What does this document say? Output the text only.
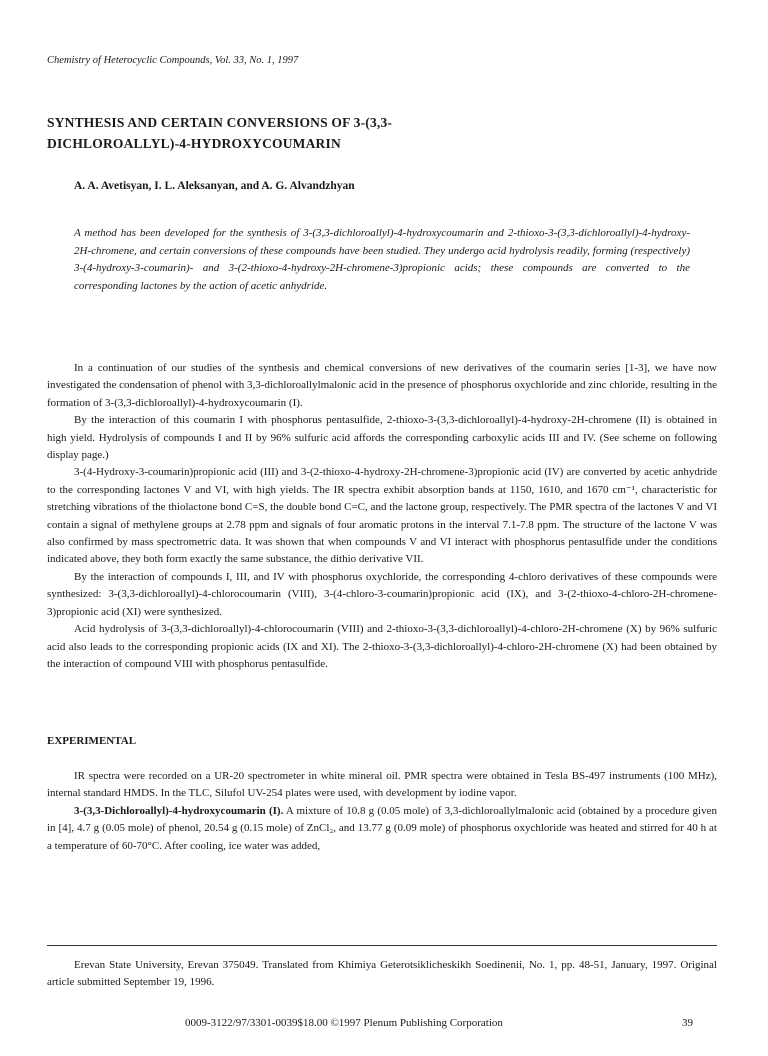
Chemistry of Heterocyclic Compounds, Vol. 33, No. 1, 1997
SYNTHESIS AND CERTAIN CONVERSIONS OF 3-(3,3-
DICHLOROALLYL)-4-HYDROXYCOUMARIN
A. A. Avetisyan, I. L. Aleksanyan, and A. G. Alvandzhyan
A method has been developed for the synthesis of 3-(3,3-dichloroallyl)-4-hydroxycoumarin and 2-thioxo-3-(3,3-dichloroallyl)-4-hydroxy-2H-chromene, and certain conversions of these compounds have been studied. They undergo acid hydrolysis readily, forming (respectively) 3-(4-hydroxy-3-coumarin)- and 3-(2-thioxo-4-hydroxy-2H-chromene-3)propionic acids; these compounds are converted to the corresponding lactones by the action of acetic anhydride.

In a continuation of our studies of the synthesis and chemical conversions of new derivatives of the coumarin series [1-3], we have now investigated the condensation of phenol with 3,3-dichloroallylmalonic acid in the presence of phosphorus oxychloride and zinc chloride, resulting in the formation of 3-(3,3-dichloroallyl)-4-hydroxycoumarin (I).

By the interaction of this coumarin I with phosphorus pentasulfide, 2-thioxo-3-(3,3-dichloroallyl)-4-hydroxy-2H-chromene (II) is obtained in high yield. Hydrolysis of compounds I and II by 96% sulfuric acid affords the corresponding carboxylic acids III and IV. (See scheme on following display page.)

3-(4-Hydroxy-3-coumarin)propionic acid (III) and 3-(2-thioxo-4-hydroxy-2H-chromene-3)propionic acid (IV) are converted by acetic anhydride to the corresponding lactones V and VI, with high yields. The IR spectra exhibit absorption bands at 1150, 1610, and 1670 cm⁻¹, characteristic for stretching vibrations of the thiolactone bond C=S, the double bond C=C, and the lactone group, respectively. The PMR spectra of the lactones V and VI contain a signal of methylene groups at 2.78 ppm and signals of four aromatic protons in the interval 7.1-7.8 ppm. The structure of the lactone V was also confirmed by mass spectrometric data. It was shown that when compounds V and VI interact with phosphorus pentasulfide under the conditions indicated above, they both form exactly the same substance, the dithio derivative VII.

By the interaction of compounds I, III, and IV with phosphorus oxychloride, the corresponding 4-chloro derivatives of these compounds were synthesized: 3-(3,3-dichloroallyl)-4-chlorocoumarin (VIII), 3-(4-chloro-3-coumarin)propionic acid (IX), and 3-(2-thioxo-4-chloro-2H-chromene-3)propionic acid (XI) were synthesized.

Acid hydrolysis of 3-(3,3-dichloroallyl)-4-chlorocoumarin (VIII) and 2-thioxo-3-(3,3-dichloroallyl)-4-chloro-2H-chromene (X) by 96% sulfuric acid also leads to the corresponding propionic acids (IX and XI). The 2-thioxo-3-(3,3-dichloroallyl)-4-chloro-2H-chromene (X) had been obtained by the interaction of compound VIII with phosphorus pentasulfide.

EXPERIMENTAL

IR spectra were recorded on a UR-20 spectrometer in white mineral oil. PMR spectra were obtained in Tesla BS-497 instruments (100 MHz), internal standard HMDS. In the TLC, Silufol UV-254 plates were used, with development by iodine vapor.

3-(3,3-Dichloroallyl)-4-hydroxycoumarin (I). A mixture of 10.8 g (0.05 mole) of 3,3-dichloroallylmalonic acid (obtained by a procedure given in [4], 4.7 g (0.05 mole) of phenol, 20.54 g (0.15 mole) of ZnCl₂, and 13.77 g (0.09 mole) of phosphorus oxychloride was heated and stirred for 40 h at a temperature of 60-70°C. After cooling, ice water was added,

Erevan State University, Erevan 375049. Translated from Khimiya Geterotsiklicheskikh Soedinenii, No. 1, pp. 48-51, January, 1997. Original article submitted September 19, 1996.
0009-3122/97/3301-0039$18.00 ©1997 Plenum Publishing Corporation	39
